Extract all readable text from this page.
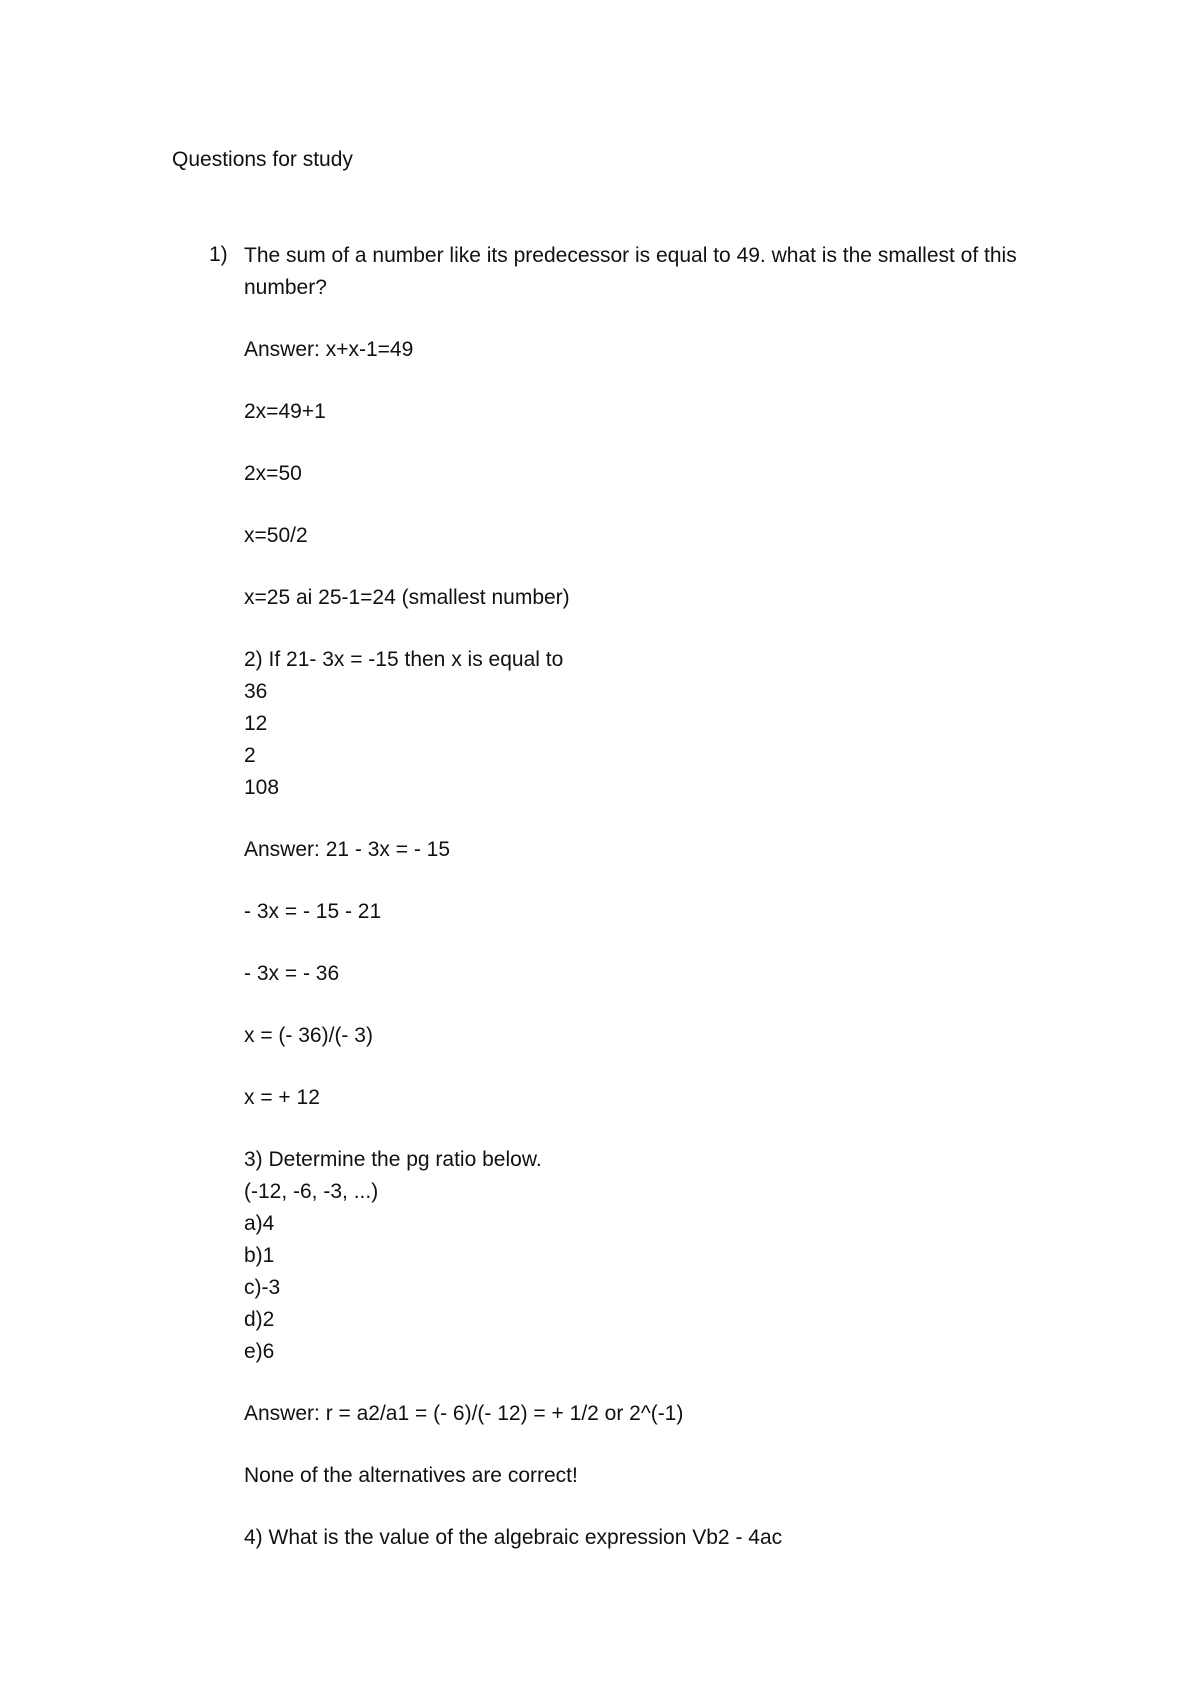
Questions for study
1) The sum of a number like its predecessor is equal to 49. what is the smallest of this number?

Answer: x+x-1=49

2x=49+1

2x=50

x=50/2

x=25 ai 25-1=24 (smallest number)

2) If 21- 3x = -15 then x is equal to

36

12

2

108

Answer: 21 - 3x = - 15

- 3x = - 15 - 21

- 3x = - 36

x = (- 36)/(- 3)

x = + 12

3) Determine the pg ratio below.

(-12, -6, -3, ...)

a)4

b)1

c)-3

d)2

e)6

Answer: r = a2/a1 = (- 6)/(- 12) = + 1/2 or 2^(-1)

None of the alternatives are correct!

4) What is the value of the algebraic expression Vb2 - 4ac
